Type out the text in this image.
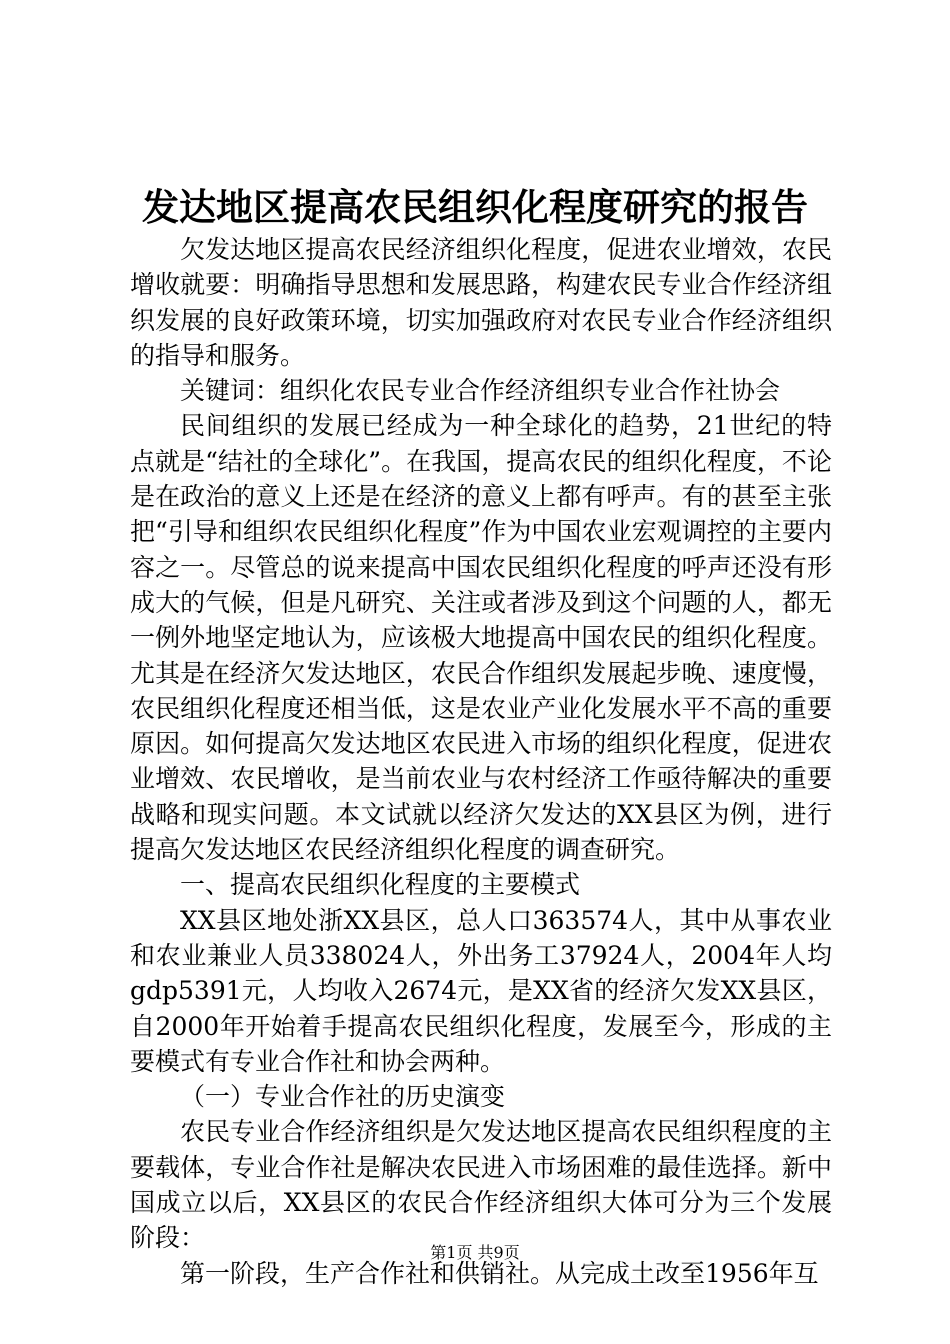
发达地区提高农民组织化程度研究的报告

欠发达地区提高农民经济组织化程度，促进农业增效，农民增收就要：明确指导思想和发展思路，构建农民专业合作经济组织发展的良好政策环境，切实加强政府对农民专业合作经济组织的指导和服务。

关键词：组织化农民专业合作经济组织专业合作社协会

民间组织的发展已经成为一种全球化的趋势，21世纪的特点就是“结社的全球化”。在我国，提高农民的组织化程度，不论是在政治的意义上还是在经济的意义上都有呼声。有的甚至主张把“引导和组织农民组织化程度”作为中国农业宏观调控的主要内容之一。尽管总的说来提高中国农民组织化程度的呼声还没有形成大的气候，但是凡研究、关注或者涉及到这个问题的人，都无一例外地坚定地认为，应该极大地提高中国农民的组织化程度。尤其是在经济欠发达地区，农民合作组织发展起步晚、速度慢，农民组织化程度还相当低，这是农业产业化发展水平不高的重要原因。如何提高欠发达地区农民进入市场的组织化程度，促进农业增效、农民增收，是当前农业与农村经济工作亟待解决的重要战略和现实问题。本文试就以经济欠发达的XX县区为例，进行提高欠发达地区农民经济组织化程度的调查研究。

一、提高农民组织化程度的主要模式

XX县区地处浙XX县区，总人口363574人，其中从事农业和农业兼业人员338024人，外出务工37924人，2004年人均gdp5391元，人均收入2674元，是XX省的经济欠发XX县区，自2000年开始着手提高农民组织化程度，发展至今，形成的主要模式有专业合作社和协会两种。

（一）专业合作社的历史演变

农民专业合作经济组织是欠发达地区提高农民组织程度的主要载体，专业合作社是解决农民进入市场困难的最佳选择。新中国成立以后，XX县区的农民合作经济组织大体可分为三个发展阶段：

第一阶段，生产合作社和供销社。从完成土改至1956年互

第1页 共9页
